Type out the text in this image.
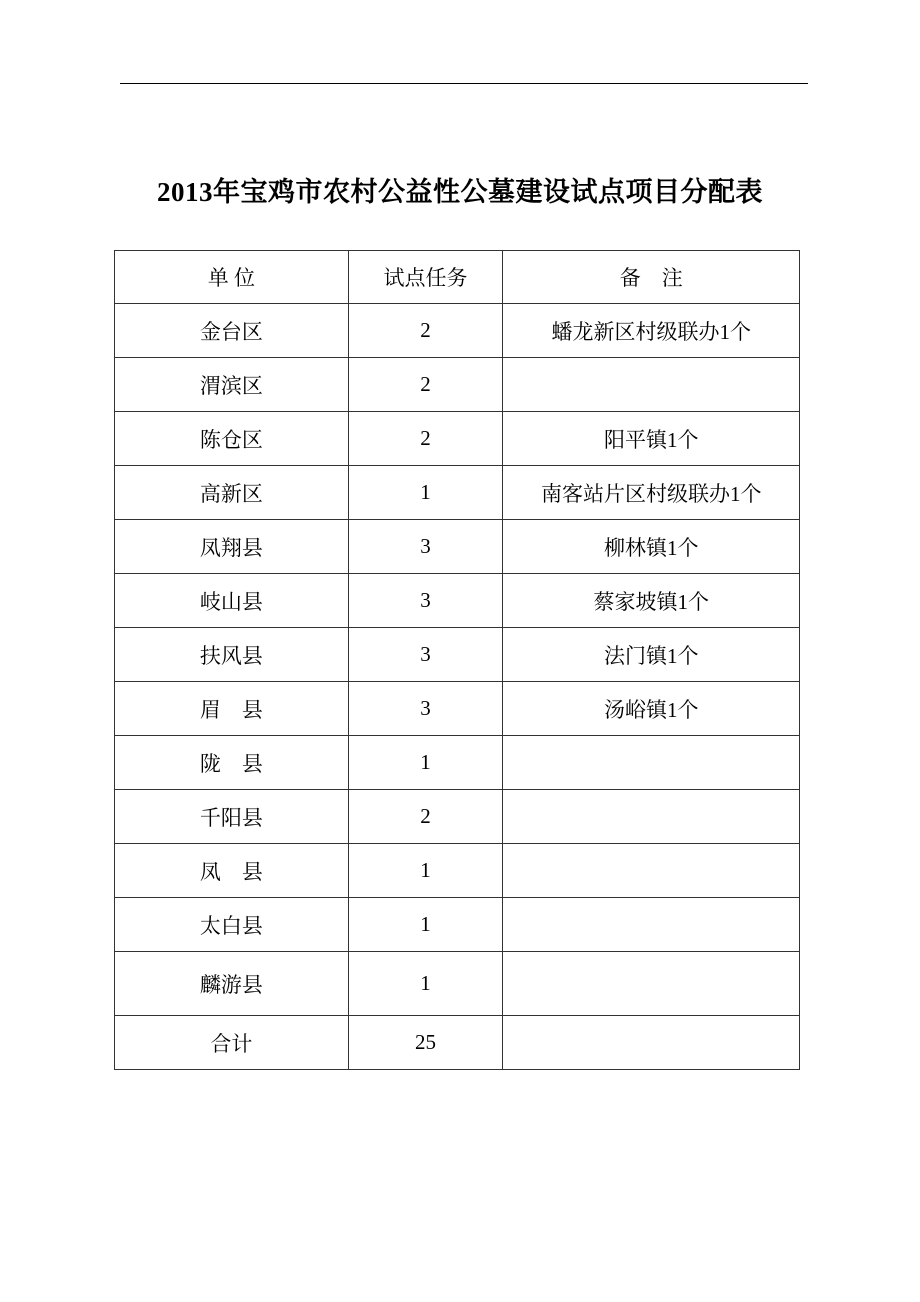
2013年宝鸡市农村公益性公墓建设试点项目分配表
单 位	试点任务	备　注
金台区	2	蟠龙新区村级联办1个
渭滨区	2	
陈仓区	2	阳平镇1个
高新区	1	南客站片区村级联办1个
凤翔县	3	柳林镇1个
岐山县	3	蔡家坡镇1个
扶风县	3	法门镇1个
眉　县	3	汤峪镇1个
陇　县	1	
千阳县	2	
凤　县	1	
太白县	1	
麟游县	1	
合计	25	
